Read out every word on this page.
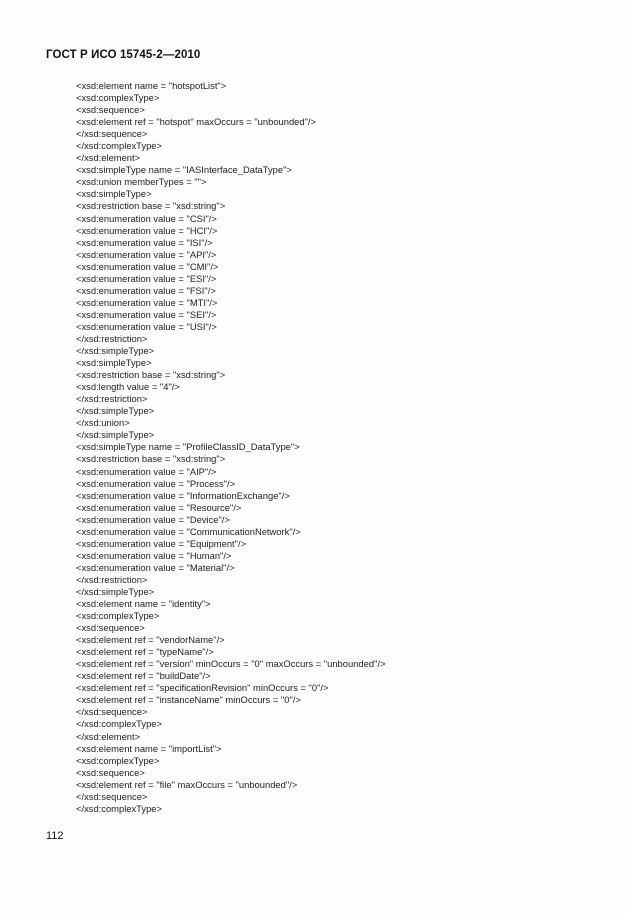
ГОСТ Р ИСО 15745-2—2010
<xsd:element name = "hotspotList">
<xsd:complexType>
<xsd:sequence>
<xsd:element ref = "hotspot" maxOccurs = "unbounded"/>
</xsd:sequence>
</xsd:complexType>
</xsd:element>
<xsd:simpleType name = "IASInterface_DataType">
<xsd:union memberTypes = "">
<xsd:simpleType>
<xsd:restriction base = "xsd:string">
<xsd:enumeration value = "CSI"/>
<xsd:enumeration value = "HCI"/>
<xsd:enumeration value = "ISI"/>
<xsd:enumeration value = "API"/>
<xsd:enumeration value = "CMI"/>
<xsd:enumeration value = "ESI"/>
<xsd:enumeration value = "FSI"/>
<xsd:enumeration value = "MTI"/>
<xsd:enumeration value = "SEI"/>
<xsd:enumeration value = "USI"/>
</xsd:restriction>
</xsd:simpleType>
<xsd:simpleType>
<xsd:restriction base = "xsd:string">
<xsd:length value = "4"/>
</xsd:restriction>
</xsd:simpleType>
</xsd:union>
</xsd:simpleType>
<xsd:simpleType name = "ProfileClassID_DataType">
<xsd:restriction base = "xsd:string">
<xsd:enumeration value = "AIP"/>
<xsd:enumeration value = "Process"/>
<xsd:enumeration value = "InformationExchange"/>
<xsd:enumeration value = "Resource"/>
<xsd:enumeration value = "Device"/>
<xsd:enumeration value = "CommunicationNetwork"/>
<xsd:enumeration value = "Equipment"/>
<xsd:enumeration value = "Human"/>
<xsd:enumeration value = "Material"/>
</xsd:restriction>
</xsd:simpleType>
<xsd:element name = "identity">
<xsd:complexType>
<xsd:sequence>
<xsd:element ref = "vendorName"/>
<xsd:element ref = "typeName"/>
<xsd:element ref = "version" minOccurs = "0" maxOccurs = "unbounded"/>
<xsd:element ref = "buildDate"/>
<xsd:element ref = "specificationRevision" minOccurs = "0"/>
<xsd:element ref = "instanceName" minOccurs = "0"/>
</xsd:sequence>
</xsd:complexType>
</xsd:element>
<xsd:element name = "importList">
<xsd:complexType>
<xsd:sequence>
<xsd:element ref = "file" maxOccurs = "unbounded"/>
</xsd:sequence>
</xsd:complexType>
112
